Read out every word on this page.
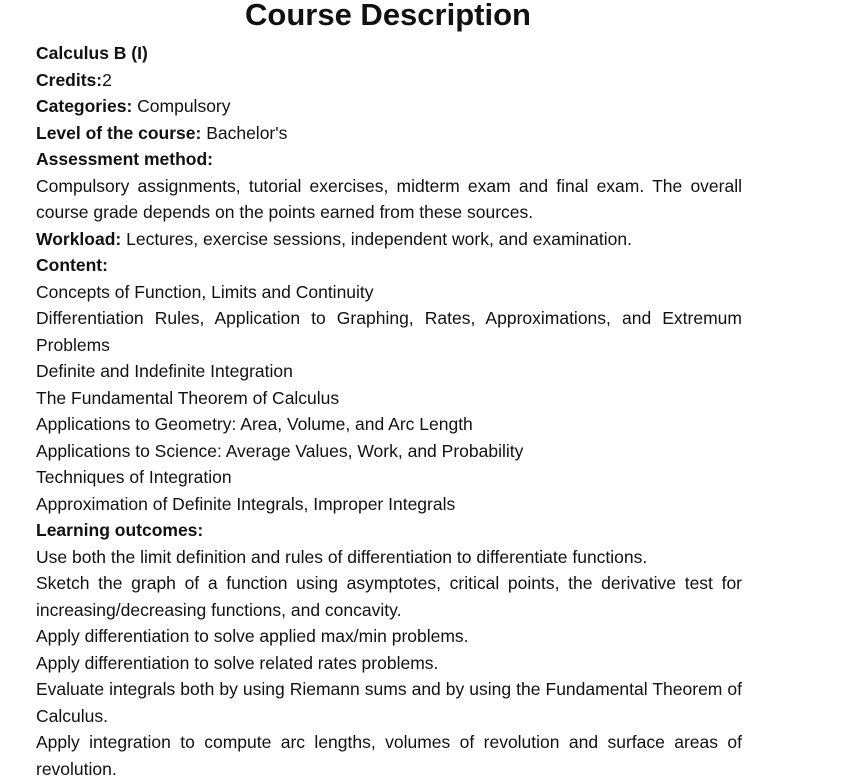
Course Description

Calculus B (I)

Credits:2

Categories: Compulsory

Level of the course: Bachelor's

Assessment method:

Compulsory assignments, tutorial exercises, midterm exam and final exam. The overall course grade depends on the points earned from these sources.

Workload: Lectures, exercise sessions, independent work, and examination.

Content:

Concepts of Function, Limits and Continuity

Differentiation Rules, Application to Graphing, Rates, Approximations, and Extremum Problems

Definite and Indefinite Integration

The Fundamental Theorem of Calculus

Applications to Geometry: Area, Volume, and Arc Length

Applications to Science: Average Values, Work, and Probability

Techniques of Integration

Approximation of Definite Integrals, Improper Integrals

Learning outcomes:

Use both the limit definition and rules of differentiation to differentiate functions.

Sketch the graph of a function using asymptotes, critical points, the derivative test for increasing/decreasing functions, and concavity.

Apply differentiation to solve applied max/min problems.

Apply differentiation to solve related rates problems.

Evaluate integrals both by using Riemann sums and by using the Fundamental Theorem of Calculus.

Apply integration to compute arc lengths, volumes of revolution and surface areas of revolution.
